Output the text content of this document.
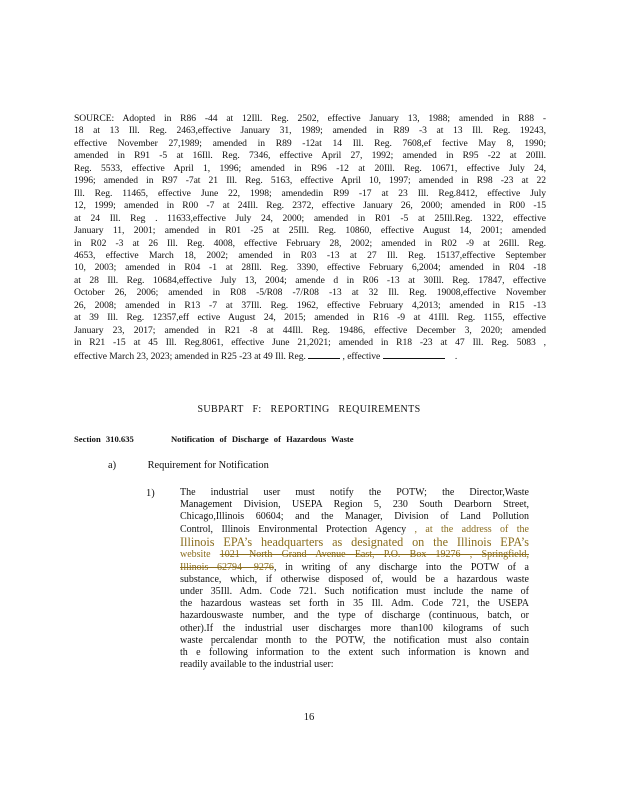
SOURCE: Adopted in R86 -44 at 12Ill. Reg. 2502, effective January 13, 1988; amended in R88 -
18 at 13 Ill. Reg. 2463,effective January 31, 1989; amended in R89 -3 at 13 Ill. Reg. 19243,
effective November 27,1989; amended in R89 -12at 14 Ill. Reg. 7608,ef fective May 8, 1990;
amended in R91 -5 at 16Ill. Reg. 7346, effective April 27, 1992; amended in R95 -22 at 20Ill.
Reg. 5533, effective April 1, 1996; amended in R96 -12 at 20Ill. Reg. 10671, effective July 24,
1996; amended in R97 -7at 21 Ill. Reg. 5163, effective April 10, 1997; amended in R98 -23 at 22
Ill. Reg. 11465, effective June 22, 1998; amendedin R99 -17 at 23 Ill. Reg.8412, effective July
12, 1999; amended in R00 -7 at 24Ill. Reg. 2372, effective January 26, 2000; amended in R00 -15
at 24 Ill. Reg . 11633,effective July 24, 2000; amended in R01 -5 at 25Ill.Reg. 1322, effective
January 11, 2001; amended in R01 -25 at 25Ill. Reg. 10860, effective August 14, 2001; amended
in R02 -3 at 26 Ill. Reg. 4008, effective February 28, 2002; amended in R02 -9 at 26Ill. Reg.
4653, effective March 18, 2002; amended in R03 -13 at 27 Ill. Reg. 15137,effective September
10, 2003; amended in R04 -1 at 28Ill. Reg. 3390, effective February 6,2004; amended in R04 -18
at 28 Ill. Reg. 10684,effective July 13, 2004; amende d in R06 -13 at 30Ill. Reg. 17847, effective
October 26, 2006; amended in R08 -5/R08 -7/R08 -13 at 32 Ill. Reg. 19008,effective November
26, 2008; amended in R13 -7 at 37Ill. Reg. 1962, effective February 4,2013; amended in R15 -13
at 39 Ill. Reg. 12357,eff ective August 24, 2015; amended in R16 -9 at 41Ill. Reg. 1155, effective
January 23, 2017; amended in R21 -8 at 44Ill. Reg. 19486, effective December 3, 2020; amended
in R21 -15 at 45 Ill. Reg.8061, effective June 21,2021; amended in R18 -23 at 47 Ill. Reg. 5083 ,
effective March 23, 2023; amended in R25 -23 at 49 Ill. Reg.	, effective	.
SUBPART F: REPORTING REQUIREMENTS
Section 310.635	Notification of Discharge of Hazardous Waste
a)	Requirement for Notification
1)	The industrial user must notify the POTW; the Director,Waste
Management Division, USEPA Region 5, 230 South Dearborn Street,
Chicago,Illinois 60604; and the Manager, Division of Land Pollution
Control, Illinois Environmental Protection Agency , at the address of the
Illinois EPA’s headquarters as designated on the Illinois EPA’s
website 1021 North Grand Avenue East, P.O. Box 19276 , Springfield,
Illinois 62794 -9276, in writing of any discharge into the POTW of a
substance, which, if otherwise disposed of, would be a hazardous waste
under 35Ill. Adm. Code 721. Such notification must include the name of
the hazardous wasteas set forth in 35 Ill. Adm. Code 721, the USEPA
hazardouswaste number, and the type of discharge (continuous, batch, or
other).If the industrial user discharges more than100 kilograms of such
waste percalendar month to the POTW, the notification must also contain
th e following information to the extent such information is known and
readily available to the industrial user:
16
